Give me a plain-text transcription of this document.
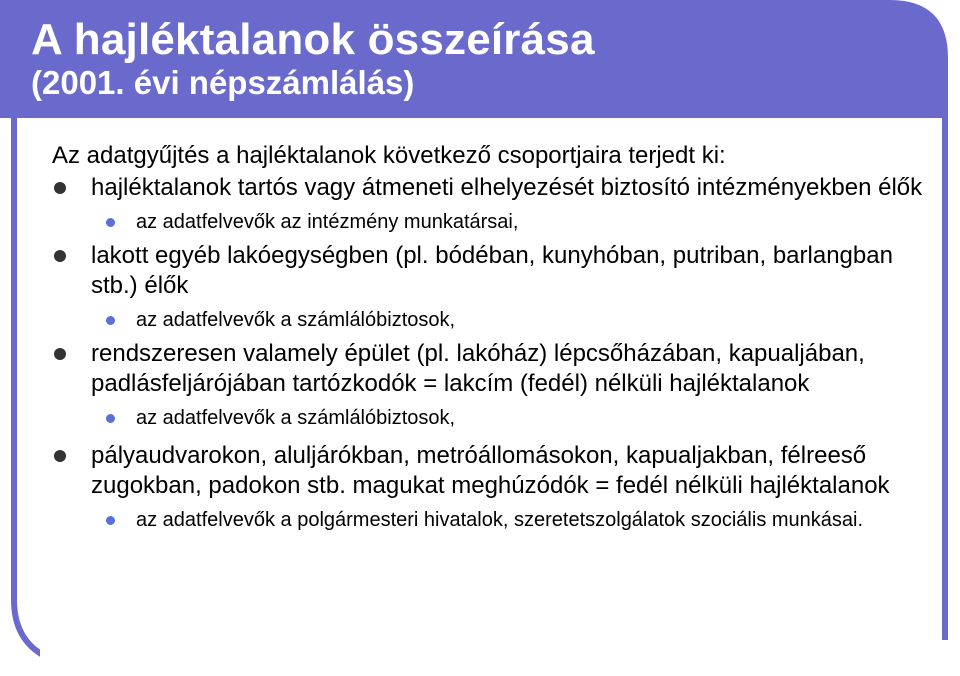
A hajléktalanok összeírása
(2001. évi népszámlálás)
Az adatgyűjtés a hajléktalanok következő csoportjaira terjedt ki:
hajléktalanok tartós vagy átmeneti elhelyezését biztosító intézményekben élők
az adatfelvevők az intézmény munkatársai,
lakott egyéb lakóegységben (pl. bódéban, kunyhóban, putriban, barlangban stb.) élők
az adatfelvevők a számlálóbiztosok,
rendszeresen valamely épület (pl. lakóház) lépcsőházában, kapualjában, padlásfeljárójában tartózkodók = lakcím (fedél) nélküli hajléktalanok
az adatfelvevők a számlálóbiztosok,
pályaudvarokon, aluljárókban, metróállomásokon, kapualjakban, félreeső zugokban, padokon stb. magukat meghúzódók = fedél nélküli hajléktalanok
az adatfelvevők a polgármesteri hivatalok, szeretetszolgálatok szociális munkásai.
